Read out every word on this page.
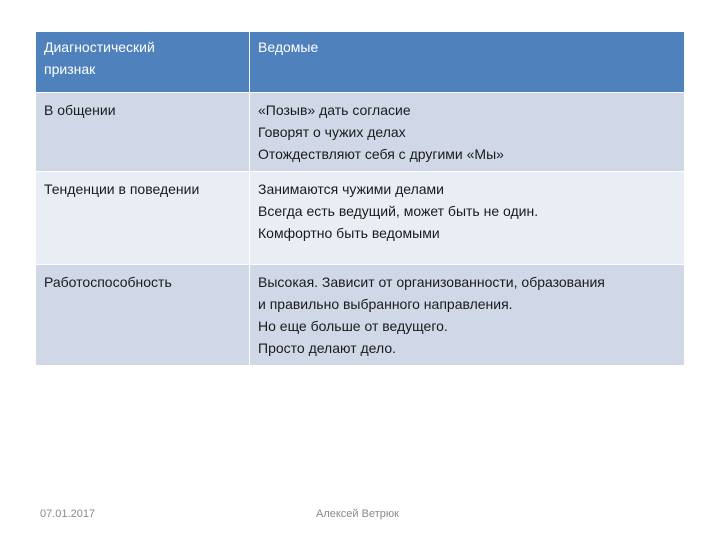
Диагностический
признак	Ведомые
В общении	«Позыв» дать согласие
Говорят о чужих делах
Отождествляют себя с другими «Мы»
Тенденции в поведении	Занимаются чужими делами
Всегда есть ведущий, может быть не один.
Комфортно быть ведомыми
Работоспособность	Высокая. Зависит от организованности, образования
и правильно выбранного направления.
Но еще больше от ведущего.
Просто делают дело.
07.01.2017	Алексей Ветрюк
